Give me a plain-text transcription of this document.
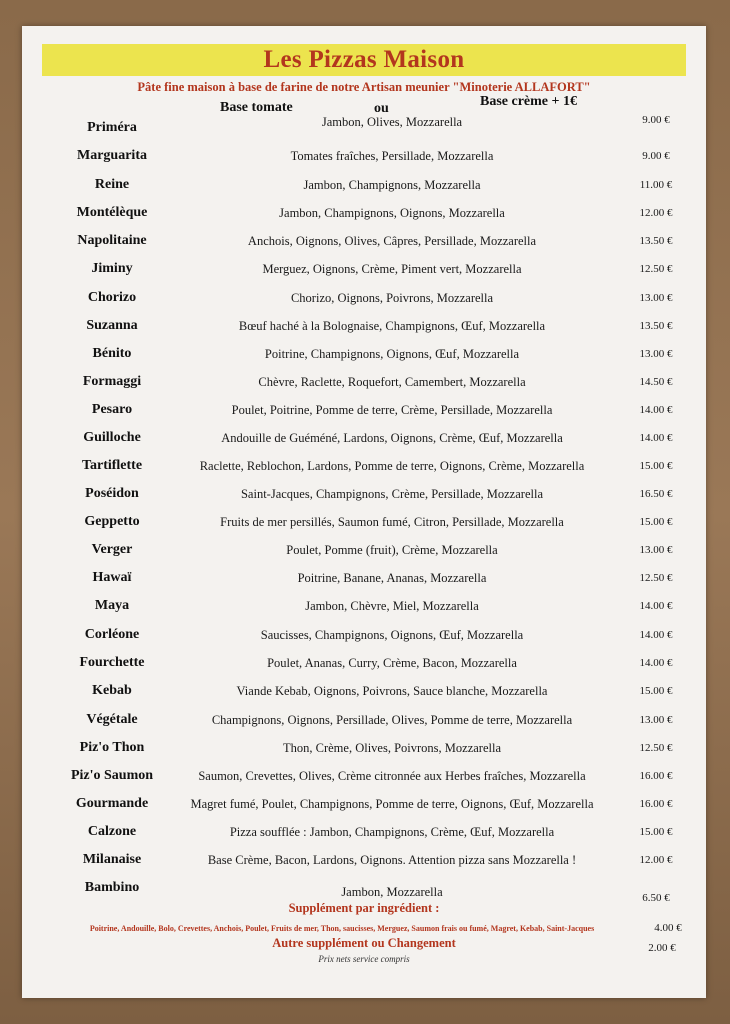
Les Pizzas Maison
Pâte fine maison à base de farine de notre Artisan meunier "Minoterie ALLAFORT"
Base tomate	ou	Base crème + 1€
Priméra	Jambon, Olives, Mozzarella	9.00 €
Marguarita	Tomates fraîches, Persillade, Mozzarella	9.00 €
Reine	Jambon, Champignons, Mozzarella	11.00 €
Montélèque	Jambon, Champignons, Oignons, Mozzarella	12.00 €
Napolitaine	Anchois, Oignons, Olives, Câpres, Persillade, Mozzarella	13.50 €
Jiminy	Merguez, Oignons, Crème, Piment vert, Mozzarella	12.50 €
Chorizo	Chorizo, Oignons, Poivrons, Mozzarella	13.00 €
Suzanna	Bœuf haché à la Bolognaise, Champignons, Œuf, Mozzarella	13.50 €
Bénito	Poitrine, Champignons, Oignons, Œuf, Mozzarella	13.00 €
Formaggi	Chèvre, Raclette, Roquefort, Camembert, Mozzarella	14.50 €
Pesaro	Poulet, Poitrine, Pomme de terre, Crème, Persillade, Mozzarella	14.00 €
Guilloche	Andouille de Guéméné, Lardons, Oignons, Crème, Œuf, Mozzarella	14.00 €
Tartiflette	Raclette, Reblochon, Lardons, Pomme de terre, Oignons, Crème, Mozzarella	15.00 €
Poséidon	Saint-Jacques, Champignons, Crème, Persillade, Mozzarella	16.50 €
Geppetto	Fruits de mer persillés, Saumon fumé, Citron, Persillade, Mozzarella	15.00 €
Verger	Poulet, Pomme (fruit), Crème, Mozzarella	13.00 €
Hawaï	Poitrine, Banane, Ananas, Mozzarella	12.50 €
Maya	Jambon, Chèvre, Miel, Mozzarella	14.00 €
Corléone	Saucisses, Champignons, Oignons, Œuf, Mozzarella	14.00 €
Fourchette	Poulet, Ananas, Curry, Crème, Bacon, Mozzarella	14.00 €
Kebab	Viande Kebab, Oignons, Poivrons, Sauce blanche, Mozzarella	15.00 €
Végétale	Champignons, Oignons, Persillade, Olives, Pomme de terre, Mozzarella	13.00 €
Piz'o Thon	Thon, Crème, Olives, Poivrons, Mozzarella	12.50 €
Piz'o Saumon	Saumon, Crevettes, Olives, Crème citronnée aux Herbes fraîches, Mozzarella	16.00 €
Gourmande	Magret fumé, Poulet, Champignons, Pomme de terre, Oignons, Œuf, Mozzarella	16.00 €
Calzone	Pizza soufflée : Jambon, Champignons, Crème, Œuf, Mozzarella	15.00 €
Milanaise	Base Crème, Bacon, Lardons, Oignons. Attention pizza sans Mozzarella !	12.00 €
Bambino	Jambon, Mozzarella	6.50 €
Supplément par ingrédient :
Poitrine, Andouille, Bolo, Crevettes, Anchois, Poulet, Fruits de mer, Thon, saucisses, Merguez, Saumon frais ou fumé, Magret, Kebab, Saint-Jacques	4.00 €
Autre supplément ou Changement	2.00 €
Prix nets service compris
